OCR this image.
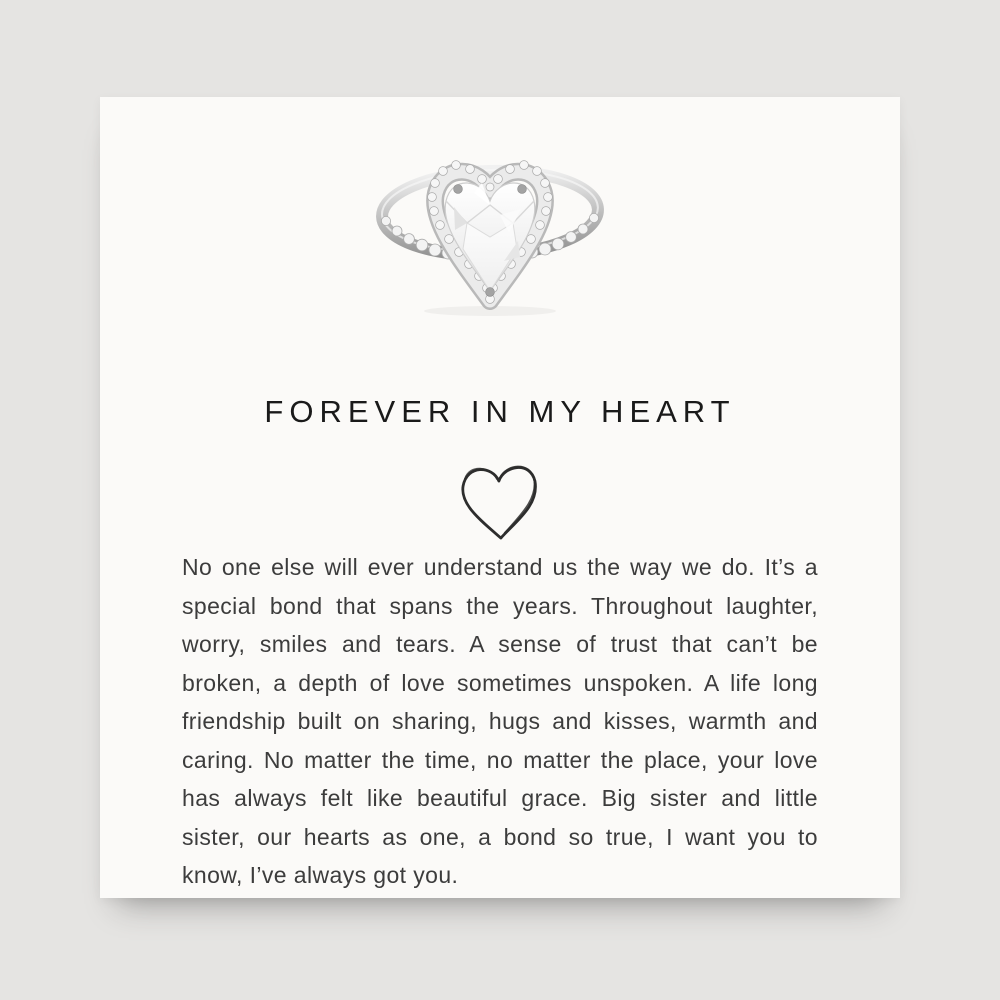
FOREVER IN MY HEART

No one else will ever understand us the way we do. It’s a special bond that spans the years. Throughout laughter, worry, smiles and tears. A sense of trust that can’t be broken, a depth of love sometimes unspoken. A life long friendship built on sharing, hugs and kisses, warmth and caring. No matter the time, no matter the place, your love has always felt like beautiful grace. Big sister and little sister, our hearts as one, a bond so true, I want you to know, I’ve always got you.
